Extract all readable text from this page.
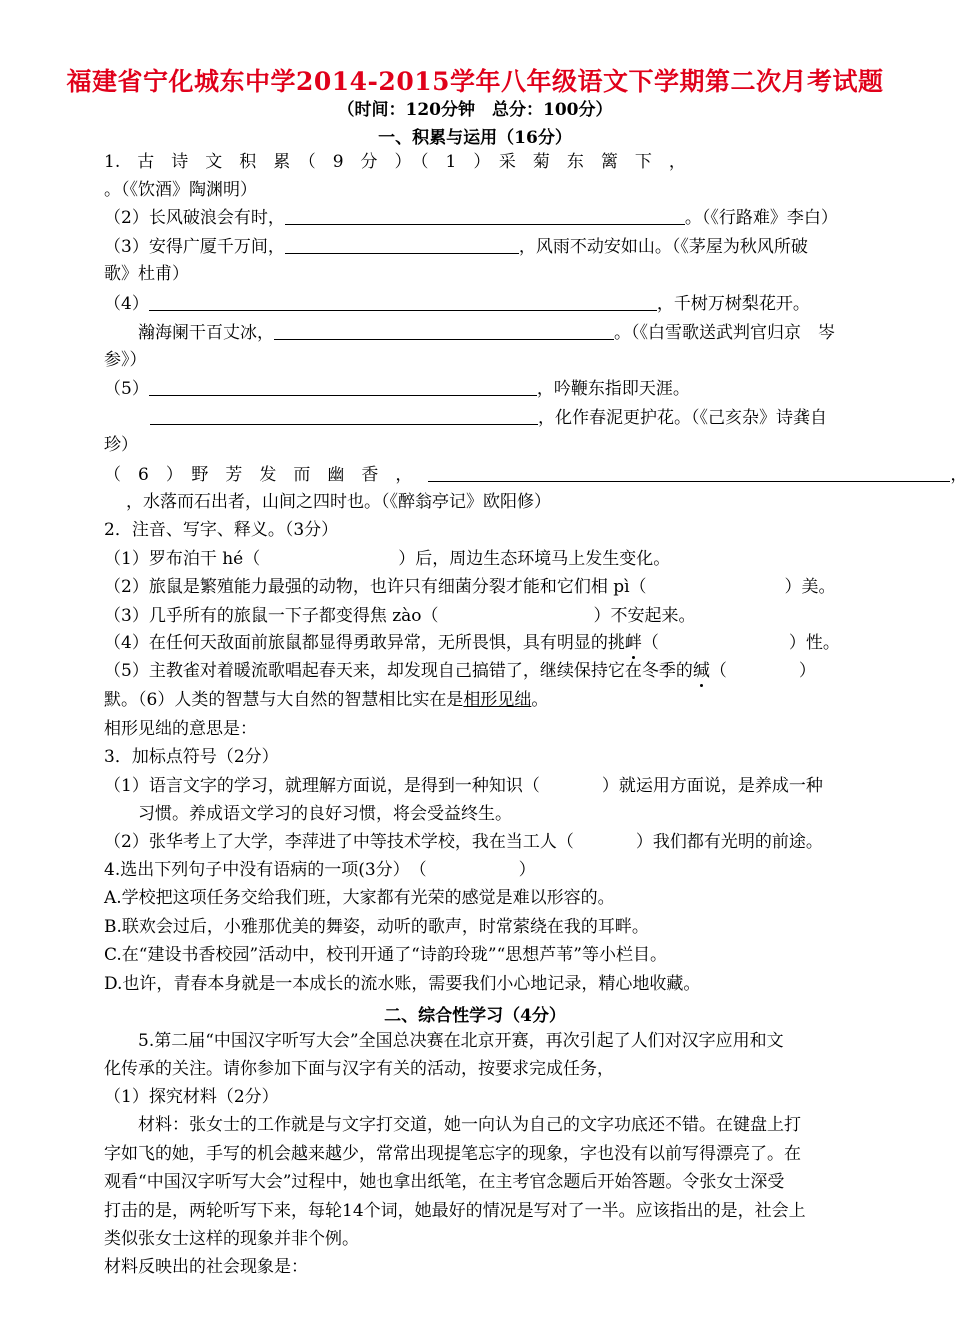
福建省宁化城东中学2014-2015学年八年级语文下学期第二次月考试题
（时间：120分钟　总分：100分）
一、积累与运用（16分）
1.　古　诗　文　积　累　（　9　分　）　（　1　）　采　菊　东　篱　下　，
。（《饮酒》陶渊明）
（2）长风破浪会有时，	。（《行路难》李白）
（3）安得广厦千万间，	，风雨不动安如山。（《茅屋为秋风所破
歌》杜甫）
（4）	，千树万树梨花开。
瀚海阑干百丈冰，	。（《白雪歌送武判官归京　岑
参》）
（5）	，吟鞭东指即天涯。
，化作春泥更护花。（《己亥杂》诗龚自
珍）
（　6　）　野　芳　发　而　幽　香　，	，
，水落而石出者，山间之四时也。（《醉翁亭记》欧阳修）
2．注音、写字、释义。（3分）
（1）罗布泊干 hé（	）后，周边生态环境马上发生变化。
（2）旅鼠是繁殖能力最强的动物，也许只有细菌分裂才能和它们相 pì（	）美。
（3）几乎所有的旅鼠一下子都变得焦 zào（	）不安起来。
（4）在任何天敌面前旅鼠都显得勇敢异常，无所畏惧，具有明显的挑衅（	）性。
（5）主教雀对着暖流歌唱起春天来，却发现自己搞错了，继续保持它在冬季的缄（	）
默。（6）人类的智慧与大自然的智慧相比实在是相形见绌。
相形见绌的意思是：
3．加标点符号（2分）
（1）语言文字的学习，就理解方面说，是得到一种知识（	）就运用方面说，是养成一种
习惯。养成语文学习的良好习惯，将会受益终生。
（2）张华考上了大学，李萍进了中等技术学校，我在当工人（	）我们都有光明的前途。
4.选出下列句子中没有语病的一项(3分）　（	）
A.学校把这项任务交给我们班，大家都有光荣的感觉是难以形容的。
B.联欢会过后，小雅那优美的舞姿，动听的歌声，时常萦绕在我的耳畔。
C.在“建设书香校园”活动中，校刊开通了“诗韵玲珑”“思想芦苇”等小栏目。
D.也许，青春本身就是一本成长的流水账，需要我们小心地记录，精心地收藏。
二、综合性学习（4分）
5.第二届“中国汉字听写大会”全国总决赛在北京开赛，再次引起了人们对汉字应用和文
化传承的关注。请你参加下面与汉字有关的活动，按要求完成任务，
（1）探究材料（2分）
材料：张女士的工作就是与文字打交道，她一向认为自己的文字功底还不错。在键盘上打
字如飞的她，手写的机会越来越少，常常出现提笔忘字的现象，字也没有以前写得漂亮了。在
观看“中国汉字听写大会”过程中，她也拿出纸笔，在主考官念题后开始答题。令张女士深受
打击的是，两轮听写下来，每轮14个词，她最好的情况是写对了一半。应该指出的是，社会上
类似张女士这样的现象并非个例。
材料反映出的社会现象是：
